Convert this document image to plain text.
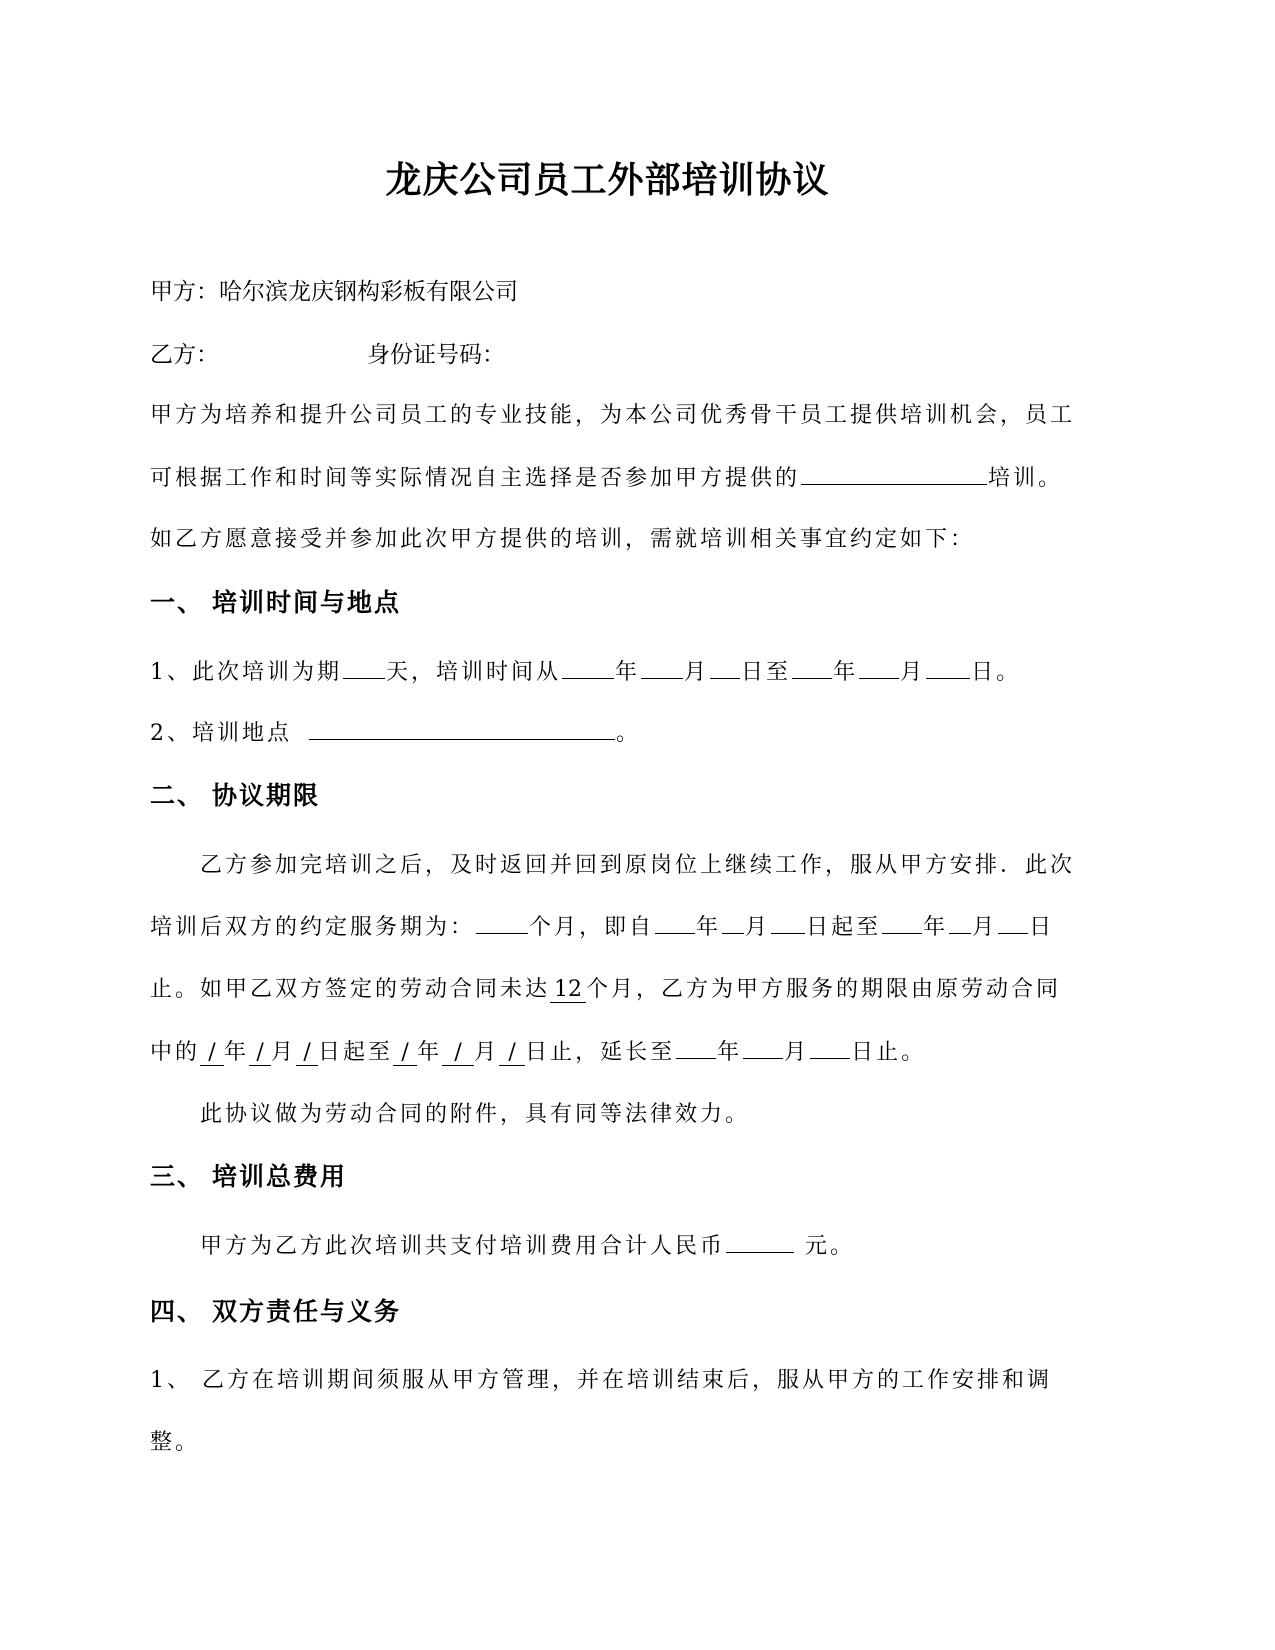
龙庆公司员工外部培训协议
甲方：哈尔滨龙庆钢构彩板有限公司
乙方：	身份证号码：
甲方为培养和提升公司员工的专业技能，为本公司优秀骨干员工提供培训机会，员工
可根据工作和时间等实际情况自主选择是否参加甲方提供的	培训。
如乙方愿意接受并参加此次甲方提供的培训，需就培训相关事宜约定如下：
一、 培训时间与地点
1、此次培训为期 天，培训时间从 年 月 日至 年 月 日。
2、培训地点	。
二、 协议期限
乙方参加完培训之后，及时返回并回到原岗位上继续工作，服从甲方安排．此次
培训后双方的约定服务期为： 个月，即自 年 月 日起至 年 月 日
止。如甲乙双方签定的劳动合同未达 12 个月，乙方为甲方服务的期限由原劳动合同
中的 / 年 / 月 / 日起至 / 年 / 月 / 日止，延长至 年 月 日止。
此协议做为劳动合同的附件，具有同等法律效力。
三、 培训总费用
甲方为乙方此次培训共支付培训费用合计人民币	元。
四、 双方责任与义务
1、 乙方在培训期间须服从甲方管理，并在培训结束后，服从甲方的工作安排和调
整。
